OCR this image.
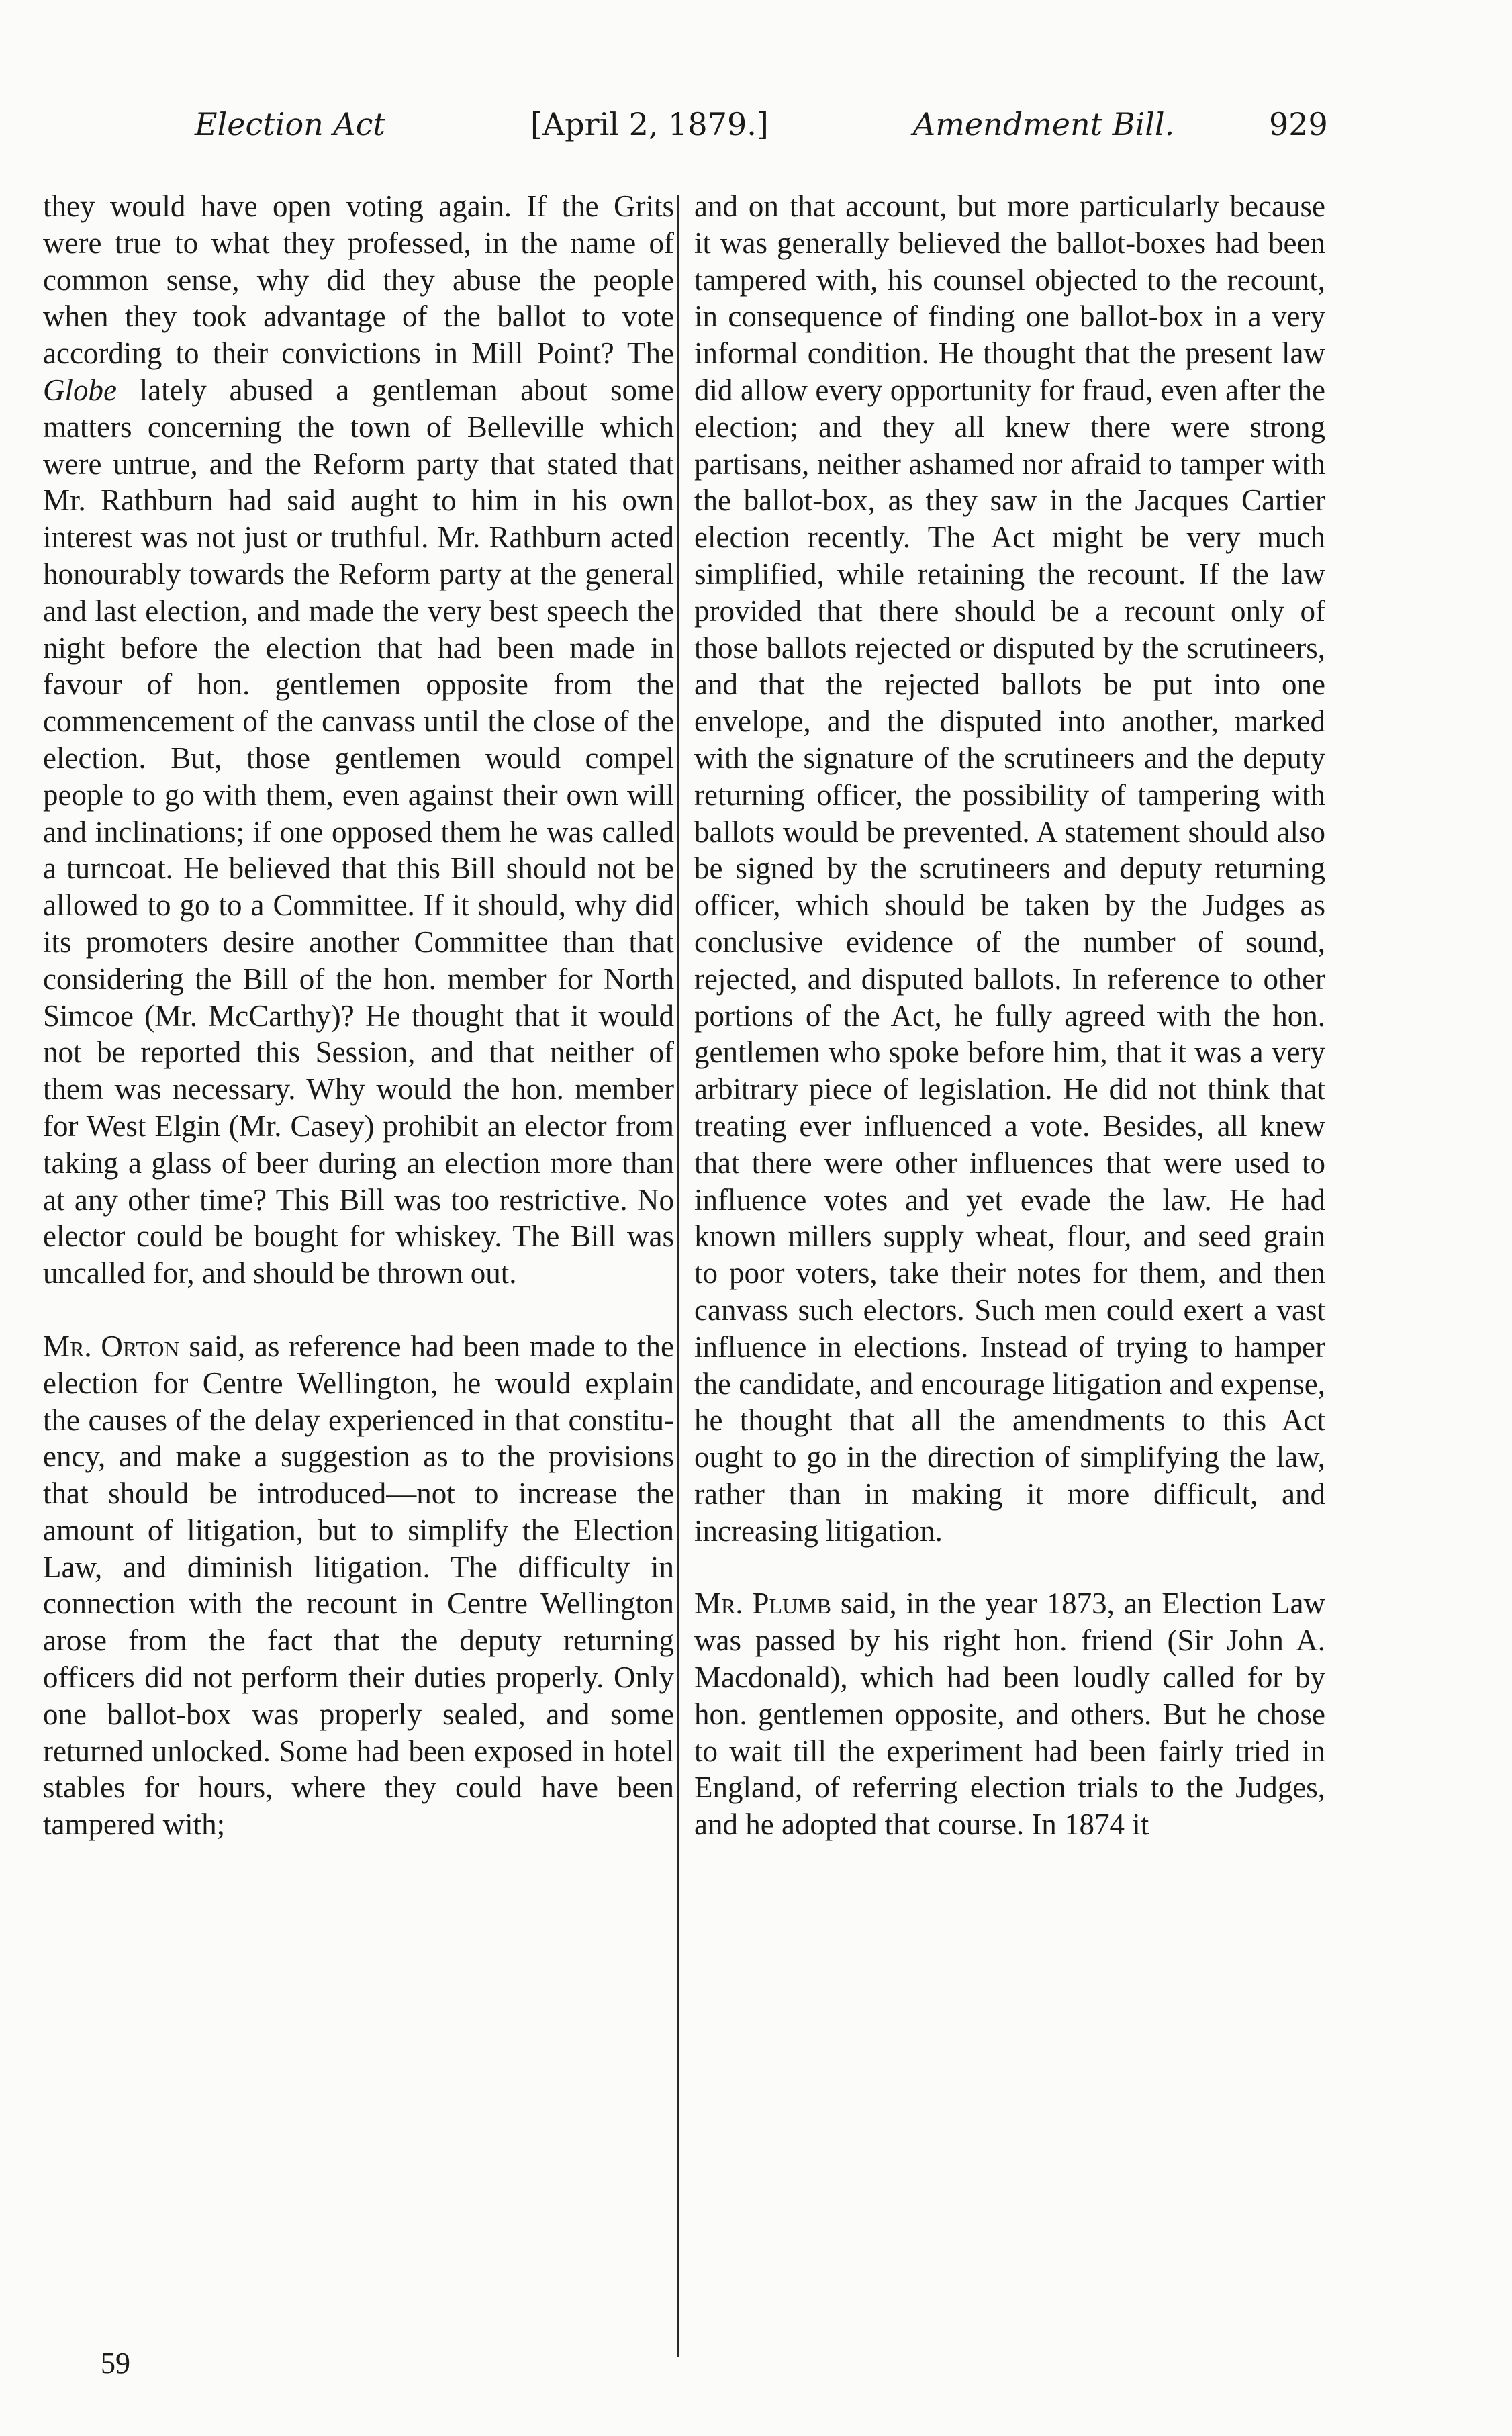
Election Act	[April 2, 1879.]	Amendment Bill.	929

they would have open voting again. If the Grits were true to what they professed, in the name of common sense, why did they abuse the people when they took advantage of the ballot to vote according to their convictions in Mill Point? The Globe lately abused a gentleman about some matters concerning the town of Belleville which were untrue, and the Reform party that stated that Mr. Rathburn had said aught to him in his own interest was not just or truthful. Mr. Rathburn acted honourably towards the Reform party at the general and last election, and made the very best speech the night before the election that had been made in favour of hon. gentlemen opposite from the commencement of the canvass until the close of the election. But, those gentlemen would compel people to go with them, even against their own will and inclinations; if one opposed them he was called a turncoat. He believed that this Bill should not be allowed to go to a Committee. If it should, why did its promoters desire another Committee than that considering the Bill of the hon. member for North Simcoe (Mr. McCarthy)? He thought that it would not be reported this Session, and that neither of them was necessary. Why would the hon. member for West Elgin (Mr. Casey) prohibit an elector from taking a glass of beer during an election more than at any other time? This Bill was too restrictive. No elector could be bought for whiskey. The Bill was uncalled for, and should be thrown out.

Mr. Orton said, as reference had been made to the election for Centre Wellington, he would explain the causes of the delay experienced in that constituency, and make a suggestion as to the provisions that should be introduced—not to increase the amount of litigation, but to simplify the Election Law, and diminish litigation. The difficulty in connection with the recount in Centre Wellington arose from the fact that the deputy returning officers did not perform their duties properly. Only one ballot-box was properly sealed, and some returned unlocked. Some had been exposed in hotel stables for hours, where they could have been tampered with;

and on that account, but more particularly because it was generally believed the ballot-boxes had been tampered with, his counsel objected to the recount, in consequence of finding one ballot-box in a very informal condition. He thought that the present law did allow every opportunity for fraud, even after the election; and they all knew there were strong partisans, neither ashamed nor afraid to tamper with the ballot-box, as they saw in the Jacques Cartier election recently. The Act might be very much simplified, while retaining the recount. If the law provided that there should be a recount only of those ballots rejected or disputed by the scrutineers, and that the rejected ballots be put into one envelope, and the disputed into another, marked with the signature of the scrutineers and the deputy returning officer, the possibility of tampering with ballots would be prevented. A statement should also be signed by the scrutineers and deputy returning officer, which should be taken by the Judges as conclusive evidence of the number of sound, rejected, and disputed ballots. In reference to other portions of the Act, he fully agreed with the hon. gentlemen who spoke before him, that it was a very arbitrary piece of legislation. He did not think that treating ever influenced a vote. Besides, all knew that there were other influences that were used to influence votes and yet evade the law. He had known millers supply wheat, flour, and seed grain to poor voters, take their notes for them, and then canvass such electors. Such men could exert a vast influence in elections. Instead of trying to hamper the candidate, and encourage litigation and expense, he thought that all the amendments to this Act ought to go in the direction of simplifying the law, rather than in making it more difficult, and increasing litigation.

Mr. Plumb said, in the year 1873, an Election Law was passed by his right hon. friend (Sir John A. Macdonald), which had been loudly called for by hon. gentlemen opposite, and others. But he chose to wait till the experiment had been fairly tried in England, of referring election trials to the Judges, and he adopted that course. In 1874 it

59
